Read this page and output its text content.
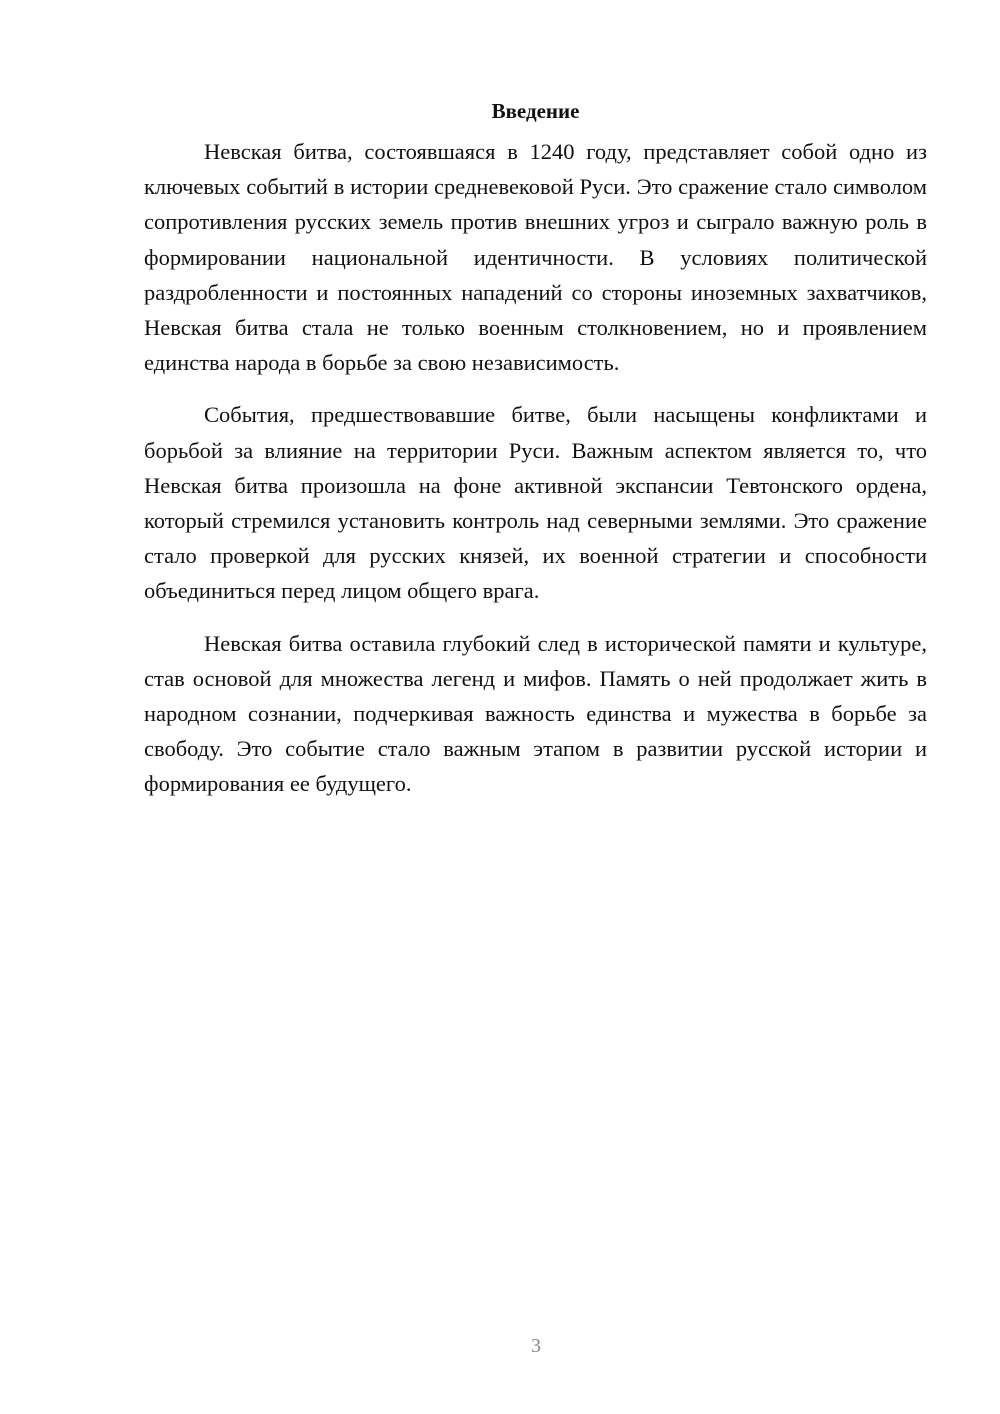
Введение

Невская битва, состоявшаяся в 1240 году, представляет собой одно из ключевых событий в истории средневековой Руси. Это сражение стало символом сопротивления русских земель против внешних угроз и сыграло важную роль в формировании национальной идентичности. В условиях политической раздробленности и постоянных нападений со стороны иноземных захватчиков, Невская битва стала не только военным столкновением, но и проявлением единства народа в борьбе за свою независимость.

События, предшествовавшие битве, были насыщены конфликтами и борьбой за влияние на территории Руси. Важным аспектом является то, что Невская битва произошла на фоне активной экспансии Тевтонского ордена, который стремился установить контроль над северными землями. Это сражение стало проверкой для русских князей, их военной стратегии и способности объединиться перед лицом общего врага.

Невская битва оставила глубокий след в исторической памяти и культуре, став основой для множества легенд и мифов. Память о ней продолжает жить в народном сознании, подчеркивая важность единства и мужества в борьбе за свободу. Это событие стало важным этапом в развитии русской истории и формирования ее будущего.

3
